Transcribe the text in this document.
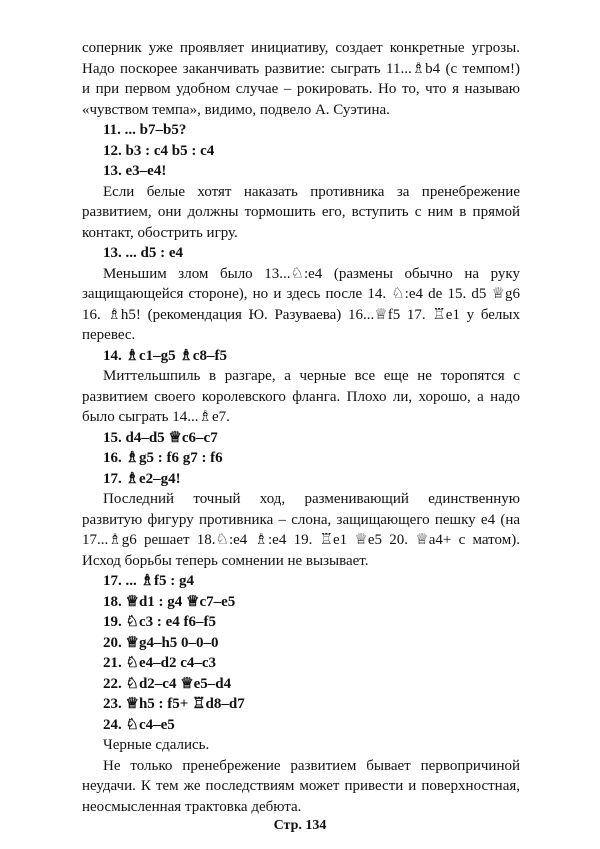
соперник уже проявляет инициативу, создает конкретные угрозы. Надо поскорее заканчивать развитие: сыграть 11...♗b4 (с темпом!) и при первом удобном случае – рокировать. Но то, что я называю «чувством темпа», видимо, подвело А. Суэтина.

11. ... b7–b5?

12. b3 : c4 b5 : c4

13. e3–e4!

Если белые хотят наказать противника за пренебрежение развитием, они должны тормошить его, вступить с ним в прямой контакт, обострить игру.

13. ... d5 : e4

Меньшим злом было 13...♘:e4 (размены обычно на руку защищающейся стороне), но и здесь после 14. ♘:e4 de 15. d5 ♕g6 16. ♗h5! (рекомендация Ю. Разуваева) 16...♕f5 17. ♖e1 у белых перевес.

14. ♗c1–g5 ♗c8–f5

Миттельшпиль в разгаре, а черные все еще не торопятся с развитием своего королевского фланга. Плохо ли, хорошо, а надо было сыграть 14...♗e7.

15. d4–d5 ♕c6–c7

16. ♗g5 : f6 g7 : f6

17. ♗e2–g4!

Последний точный ход, разменивающий единственную развитую фигуру противника – слона, защищающего пешку e4 (на 17...♗g6 решает 18.♘:e4 ♗:e4 19. ♖e1 ♕e5 20. ♕a4+ с матом). Исход борьбы теперь сомнении не вызывает.

17. ... ♗f5 : g4

18. ♕d1 : g4 ♕c7–e5

19. ♘c3 : e4 f6–f5

20. ♕g4–h5 0–0–0

21. ♘e4–d2 c4–c3

22. ♘d2–c4 ♕e5–d4

23. ♕h5 : f5+ ♖d8–d7

24. ♘c4–e5

Черные сдались.

Не только пренебрежение развитием бывает первопричиной неудачи. К тем же последствиям может привести и поверхностная, неосмысленная трактовка дебюта.

Стр. 134
